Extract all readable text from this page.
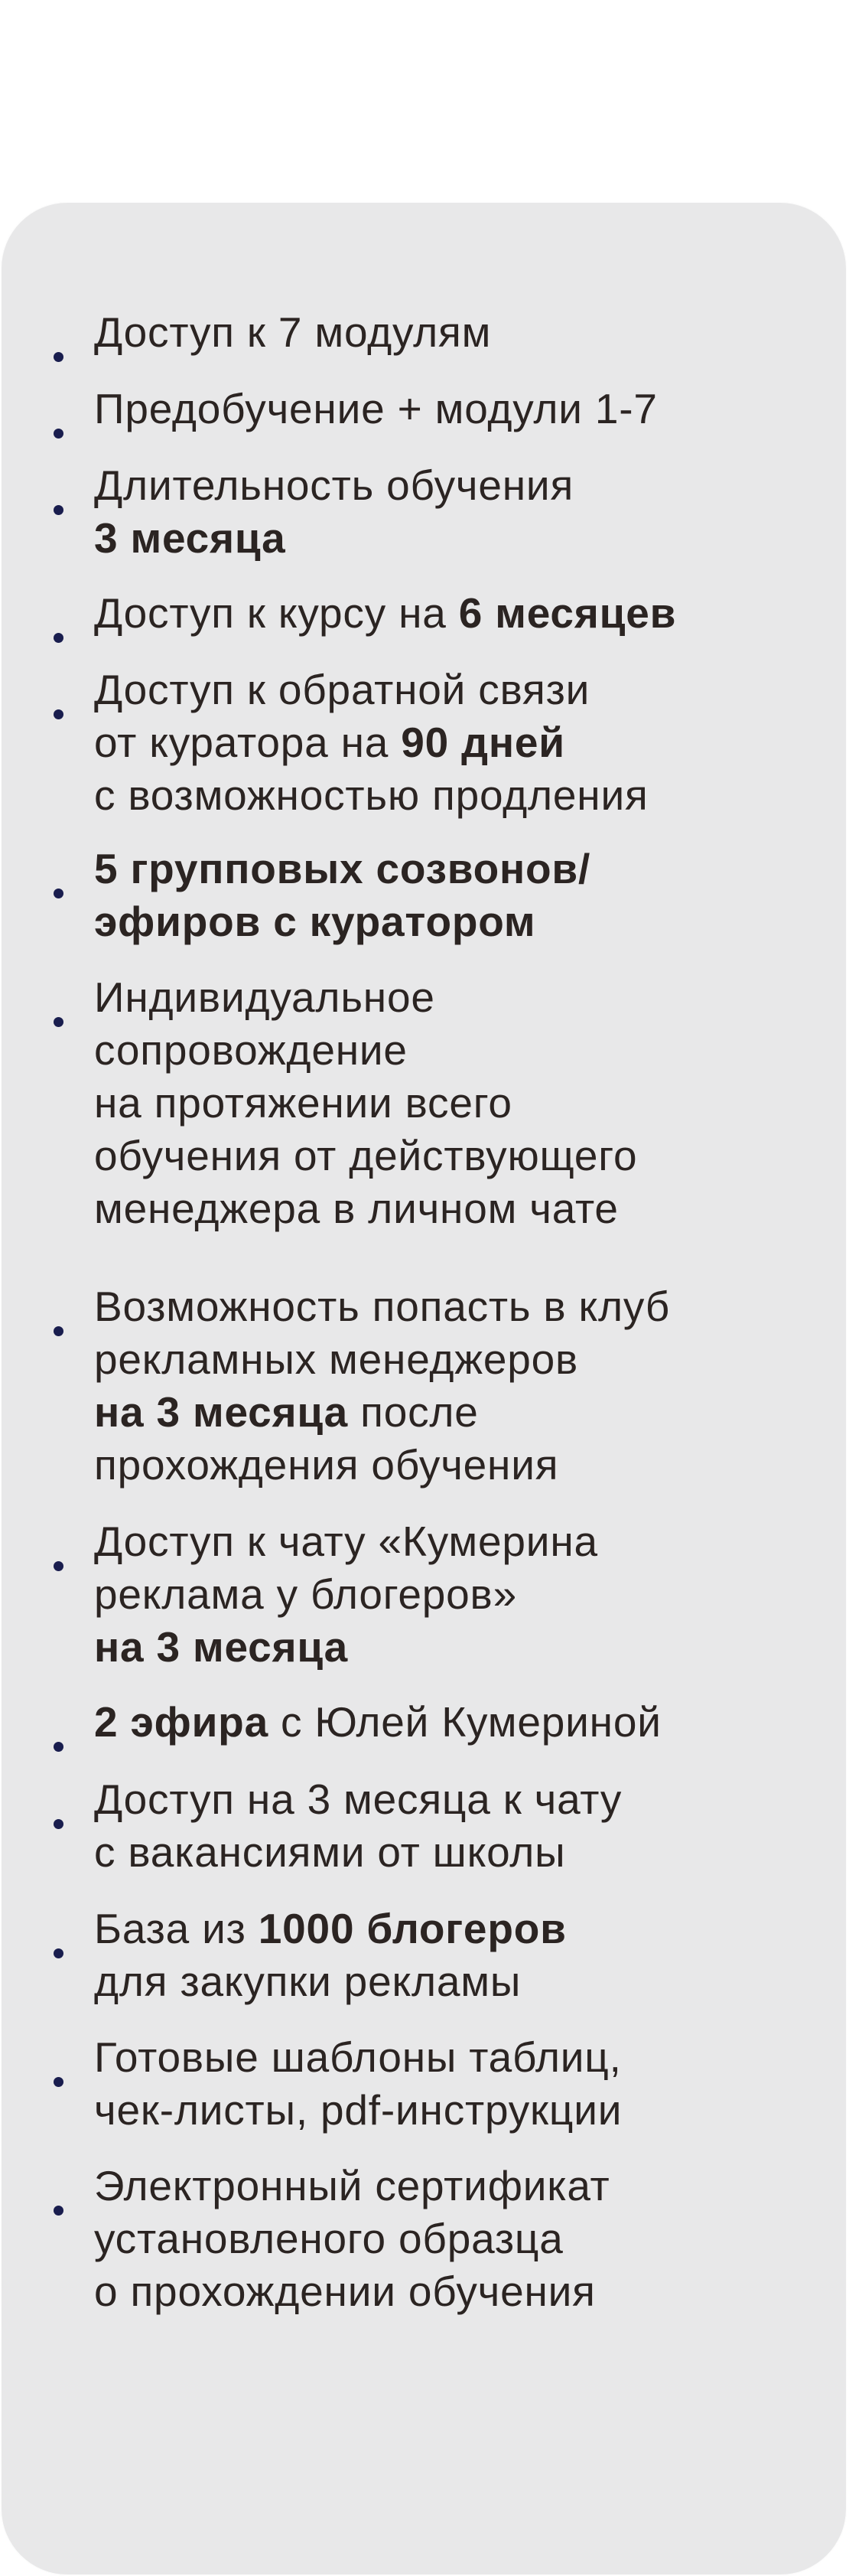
Доступ к 7 модулям

Предобучение + модули 1-7

Длительность обучения
3 месяца

Доступ к курсу на 6 месяцев

Доступ к обратной связи
от куратора на 90 дней
с возможностью продления

5 групповых созвонов/
эфиров с куратором

Индивидуальное
сопровождение
на протяжении всего
обучения от действующего
менеджера в личном чате

Возможность попасть в клуб
рекламных менеджеров
на 3 месяца после
прохождения обучения

Доступ к чату «Кумерина
реклама у блогеров»
на 3 месяца

2 эфира с Юлей Кумериной

Доступ на 3 месяца к чату
с вакансиями от школы

База из 1000 блогеров
для закупки рекламы

Готовые шаблоны таблиц,
чек-листы, pdf-инструкции

Электронный сертификат
установленого образца
о прохождении обучения
